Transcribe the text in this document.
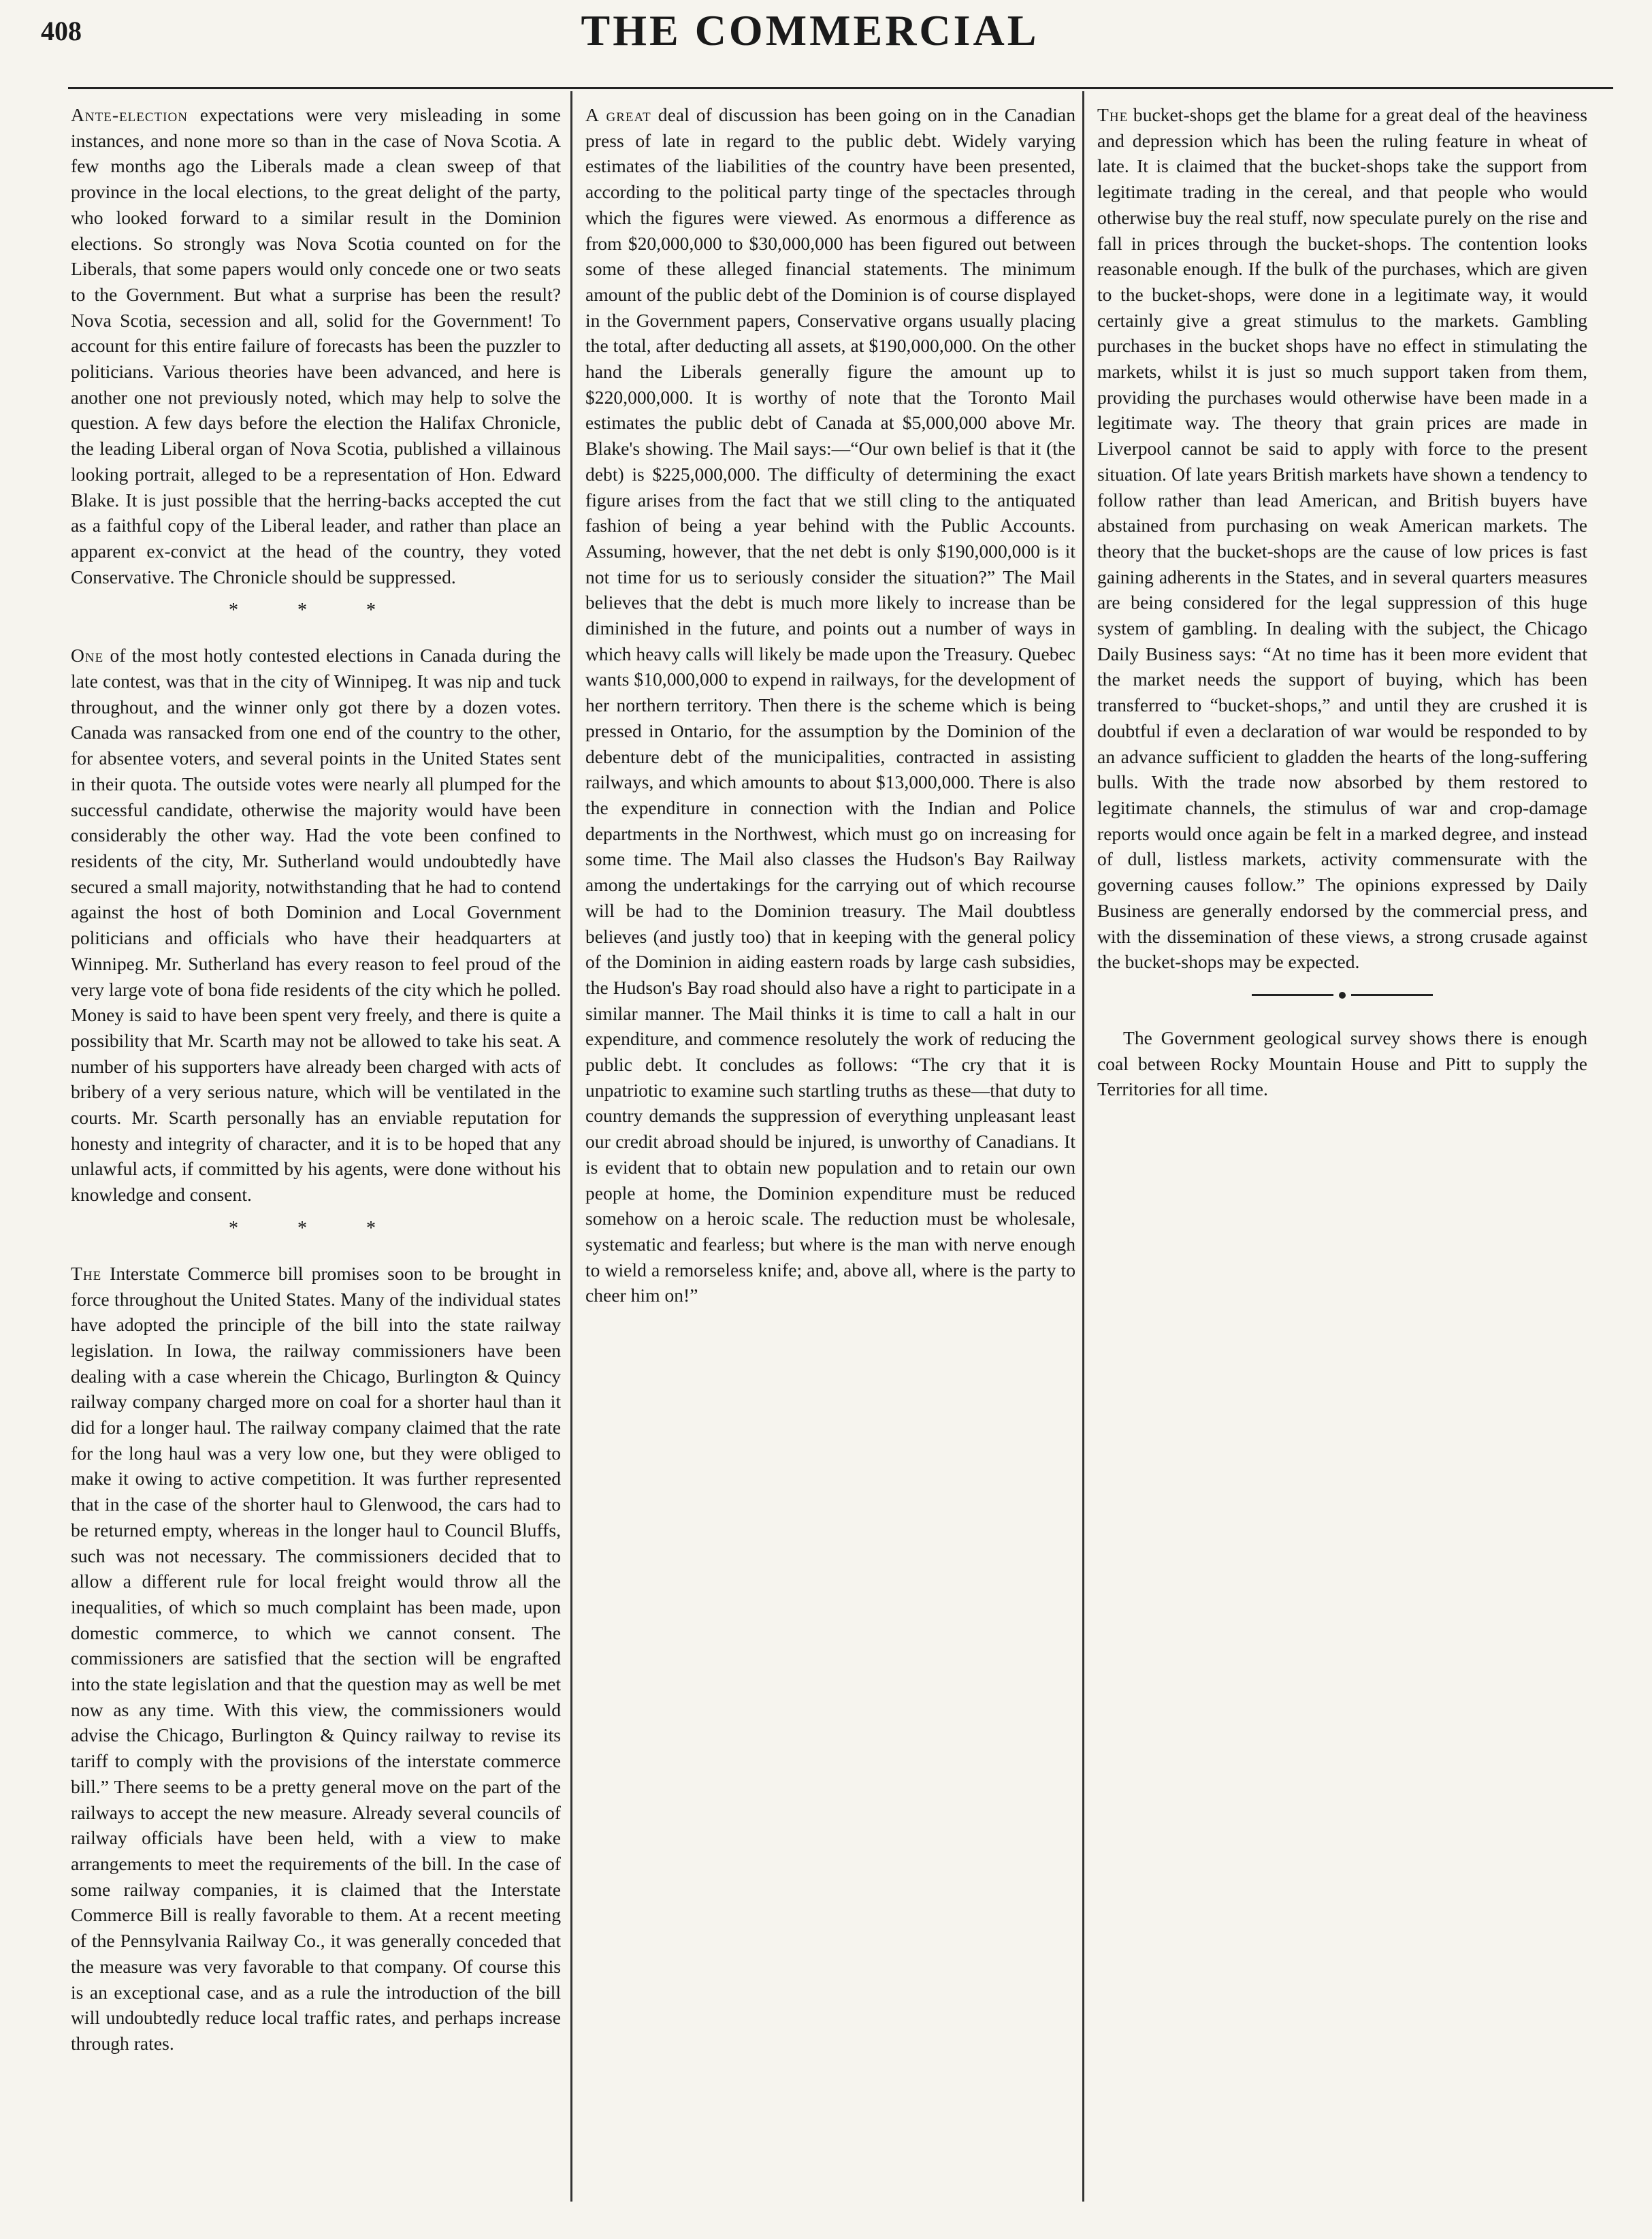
408	THE COMMERCIAL

Ante-election expectations were very misleading in some instances, and none more so than in the case of Nova Scotia. A few months ago the Liberals made a clean sweep of that province in the local elections, to the great delight of the party, who looked forward to a similar result in the Dominion elections. So strongly was Nova Scotia counted on for the Liberals, that some papers would only concede one or two seats to the Government. But what a surprise has been the result? Nova Scotia, secession and all, solid for the Government! To account for this entire failure of forecasts has been the puzzler to politicians. Various theories have been advanced, and here is another one not previously noted, which may help to solve the question. A few days before the election the Halifax Chronicle, the leading Liberal organ of Nova Scotia, published a villainous looking portrait, alleged to be a representation of Hon. Edward Blake. It is just possible that the herring-backs accepted the cut as a faithful copy of the Liberal leader, and rather than place an apparent ex-convict at the head of the country, they voted Conservative. The Chronicle should be suppressed.

* * *

One of the most hotly contested elections in Canada during the late contest, was that in the city of Winnipeg. It was nip and tuck throughout, and the winner only got there by a dozen votes. Canada was ransacked from one end of the country to the other, for absentee voters, and several points in the United States sent in their quota. The outside votes were nearly all plumped for the successful candidate, otherwise the majority would have been considerably the other way. Had the vote been confined to residents of the city, Mr. Sutherland would undoubtedly have secured a small majority, notwithstanding that he had to contend against the host of both Dominion and Local Government politicians and officials who have their headquarters at Winnipeg. Mr. Sutherland has every reason to feel proud of the very large vote of bona fide residents of the city which he polled. Money is said to have been spent very freely, and there is quite a possibility that Mr. Scarth may not be allowed to take his seat. A number of his supporters have already been charged with acts of bribery of a very serious nature, which will be ventilated in the courts. Mr. Scarth personally has an enviable reputation for honesty and integrity of character, and it is to be hoped that any unlawful acts, if committed by his agents, were done without his knowledge and consent.

* * *

The Interstate Commerce bill promises soon to be brought in force throughout the United States. Many of the individual states have adopted the principle of the bill into the state railway legislation. In Iowa, the railway commissioners have been dealing with a case wherein the Chicago, Burlington & Quincy railway company charged more on coal for a shorter haul than it did for a longer haul. The railway company claimed that the rate for the long haul was a very low one, but they were obliged to make it owing to active competition. It was further represented that in the case of the shorter haul to Glenwood, the cars had to be returned empty, whereas in the longer haul to Council Bluffs, such was not necessary. The commissioners decided that to allow a different rule for local freight would throw all the inequalities, of which so much complaint has been made, upon domestic commerce, to which we cannot consent. The commissioners are satisfied that the section will be engrafted into the state legislation and that the question may as well be met now as any time. With this view, the commissioners would advise the Chicago, Burlington & Quincy railway to revise its tariff to comply with the provisions of the interstate commerce bill.” There seems to be a pretty general move on the part of the railways to accept the new measure. Already several councils of railway officials have been held, with a view to make arrangements to meet the requirements of the bill. In the case of some railway companies, it is claimed that the Interstate Commerce Bill is really favorable to them. At a recent meeting of the Pennsylvania Railway Co., it was generally conceded that the measure was very favorable to that company. Of course this is an exceptional case, and as a rule the introduction of the bill will undoubtedly reduce local traffic rates, and perhaps increase through rates.

A great deal of discussion has been going on in the Canadian press of late in regard to the public debt. Widely varying estimates of the liabilities of the country have been presented, according to the political party tinge of the spectacles through which the figures were viewed. As enormous a difference as from $20,000,000 to $30,000,000 has been figured out between some of these alleged financial statements. The minimum amount of the public debt of the Dominion is of course displayed in the Government papers, Conservative organs usually placing the total, after deducting all assets, at $190,000,000. On the other hand the Liberals generally figure the amount up to $220,000,000. It is worthy of note that the Toronto Mail estimates the public debt of Canada at $5,000,000 above Mr. Blake's showing. The Mail says:—“Our own belief is that it (the debt) is $225,000,000. The difficulty of determining the exact figure arises from the fact that we still cling to the antiquated fashion of being a year behind with the Public Accounts. Assuming, however, that the net debt is only $190,000,000 is it not time for us to seriously consider the situation?” The Mail believes that the debt is much more likely to increase than be diminished in the future, and points out a number of ways in which heavy calls will likely be made upon the Treasury. Quebec wants $10,000,000 to expend in railways, for the development of her northern territory. Then there is the scheme which is being pressed in Ontario, for the assumption by the Dominion of the debenture debt of the municipalities, contracted in assisting railways, and which amounts to about $13,000,000. There is also the expenditure in connection with the Indian and Police departments in the Northwest, which must go on increasing for some time. The Mail also classes the Hudson's Bay Railway among the undertakings for the carrying out of which recourse will be had to the Dominion treasury. The Mail doubtless believes (and justly too) that in keeping with the general policy of the Dominion in aiding eastern roads by large cash subsidies, the Hudson's Bay road should also have a right to participate in a similar manner. The Mail thinks it is time to call a halt in our expenditure, and commence resolutely the work of reducing the public debt. It concludes as follows: “The cry that it is unpatriotic to examine such startling truths as these—that duty to country demands the suppression of everything unpleasant least our credit abroad should be injured, is unworthy of Canadians. It is evident that to obtain new population and to retain our own people at home, the Dominion expenditure must be reduced somehow on a heroic scale. The reduction must be wholesale, systematic and fearless; but where is the man with nerve enough to wield a remorseless knife; and, above all, where is the party to cheer him on!”

The bucket-shops get the blame for a great deal of the heaviness and depression which has been the ruling feature in wheat of late. It is claimed that the bucket-shops take the support from legitimate trading in the cereal, and that people who would otherwise buy the real stuff, now speculate purely on the rise and fall in prices through the bucket-shops. The contention looks reasonable enough. If the bulk of the purchases, which are given to the bucket-shops, were done in a legitimate way, it would certainly give a great stimulus to the markets. Gambling purchases in the bucket shops have no effect in stimulating the markets, whilst it is just so much support taken from them, providing the purchases would otherwise have been made in a legitimate way. The theory that grain prices are made in Liverpool cannot be said to apply with force to the present situation. Of late years British markets have shown a tendency to follow rather than lead American, and British buyers have abstained from purchasing on weak American markets. The theory that the bucket-shops are the cause of low prices is fast gaining adherents in the States, and in several quarters measures are being considered for the legal suppression of this huge system of gambling. In dealing with the subject, the Chicago Daily Business says: “At no time has it been more evident that the market needs the support of buying, which has been transferred to “bucket-shops,” and until they are crushed it is doubtful if even a declaration of war would be responded to by an advance sufficient to gladden the hearts of the long-suffering bulls. With the trade now absorbed by them restored to legitimate channels, the stimulus of war and crop-damage reports would once again be felt in a marked degree, and instead of dull, listless markets, activity commensurate with the governing causes follow.” The opinions expressed by Daily Business are generally endorsed by the commercial press, and with the dissemination of these views, a strong crusade against the bucket-shops may be expected.

The Government geological survey shows there is enough coal between Rocky Mountain House and Pitt to supply the Territories for all time.
